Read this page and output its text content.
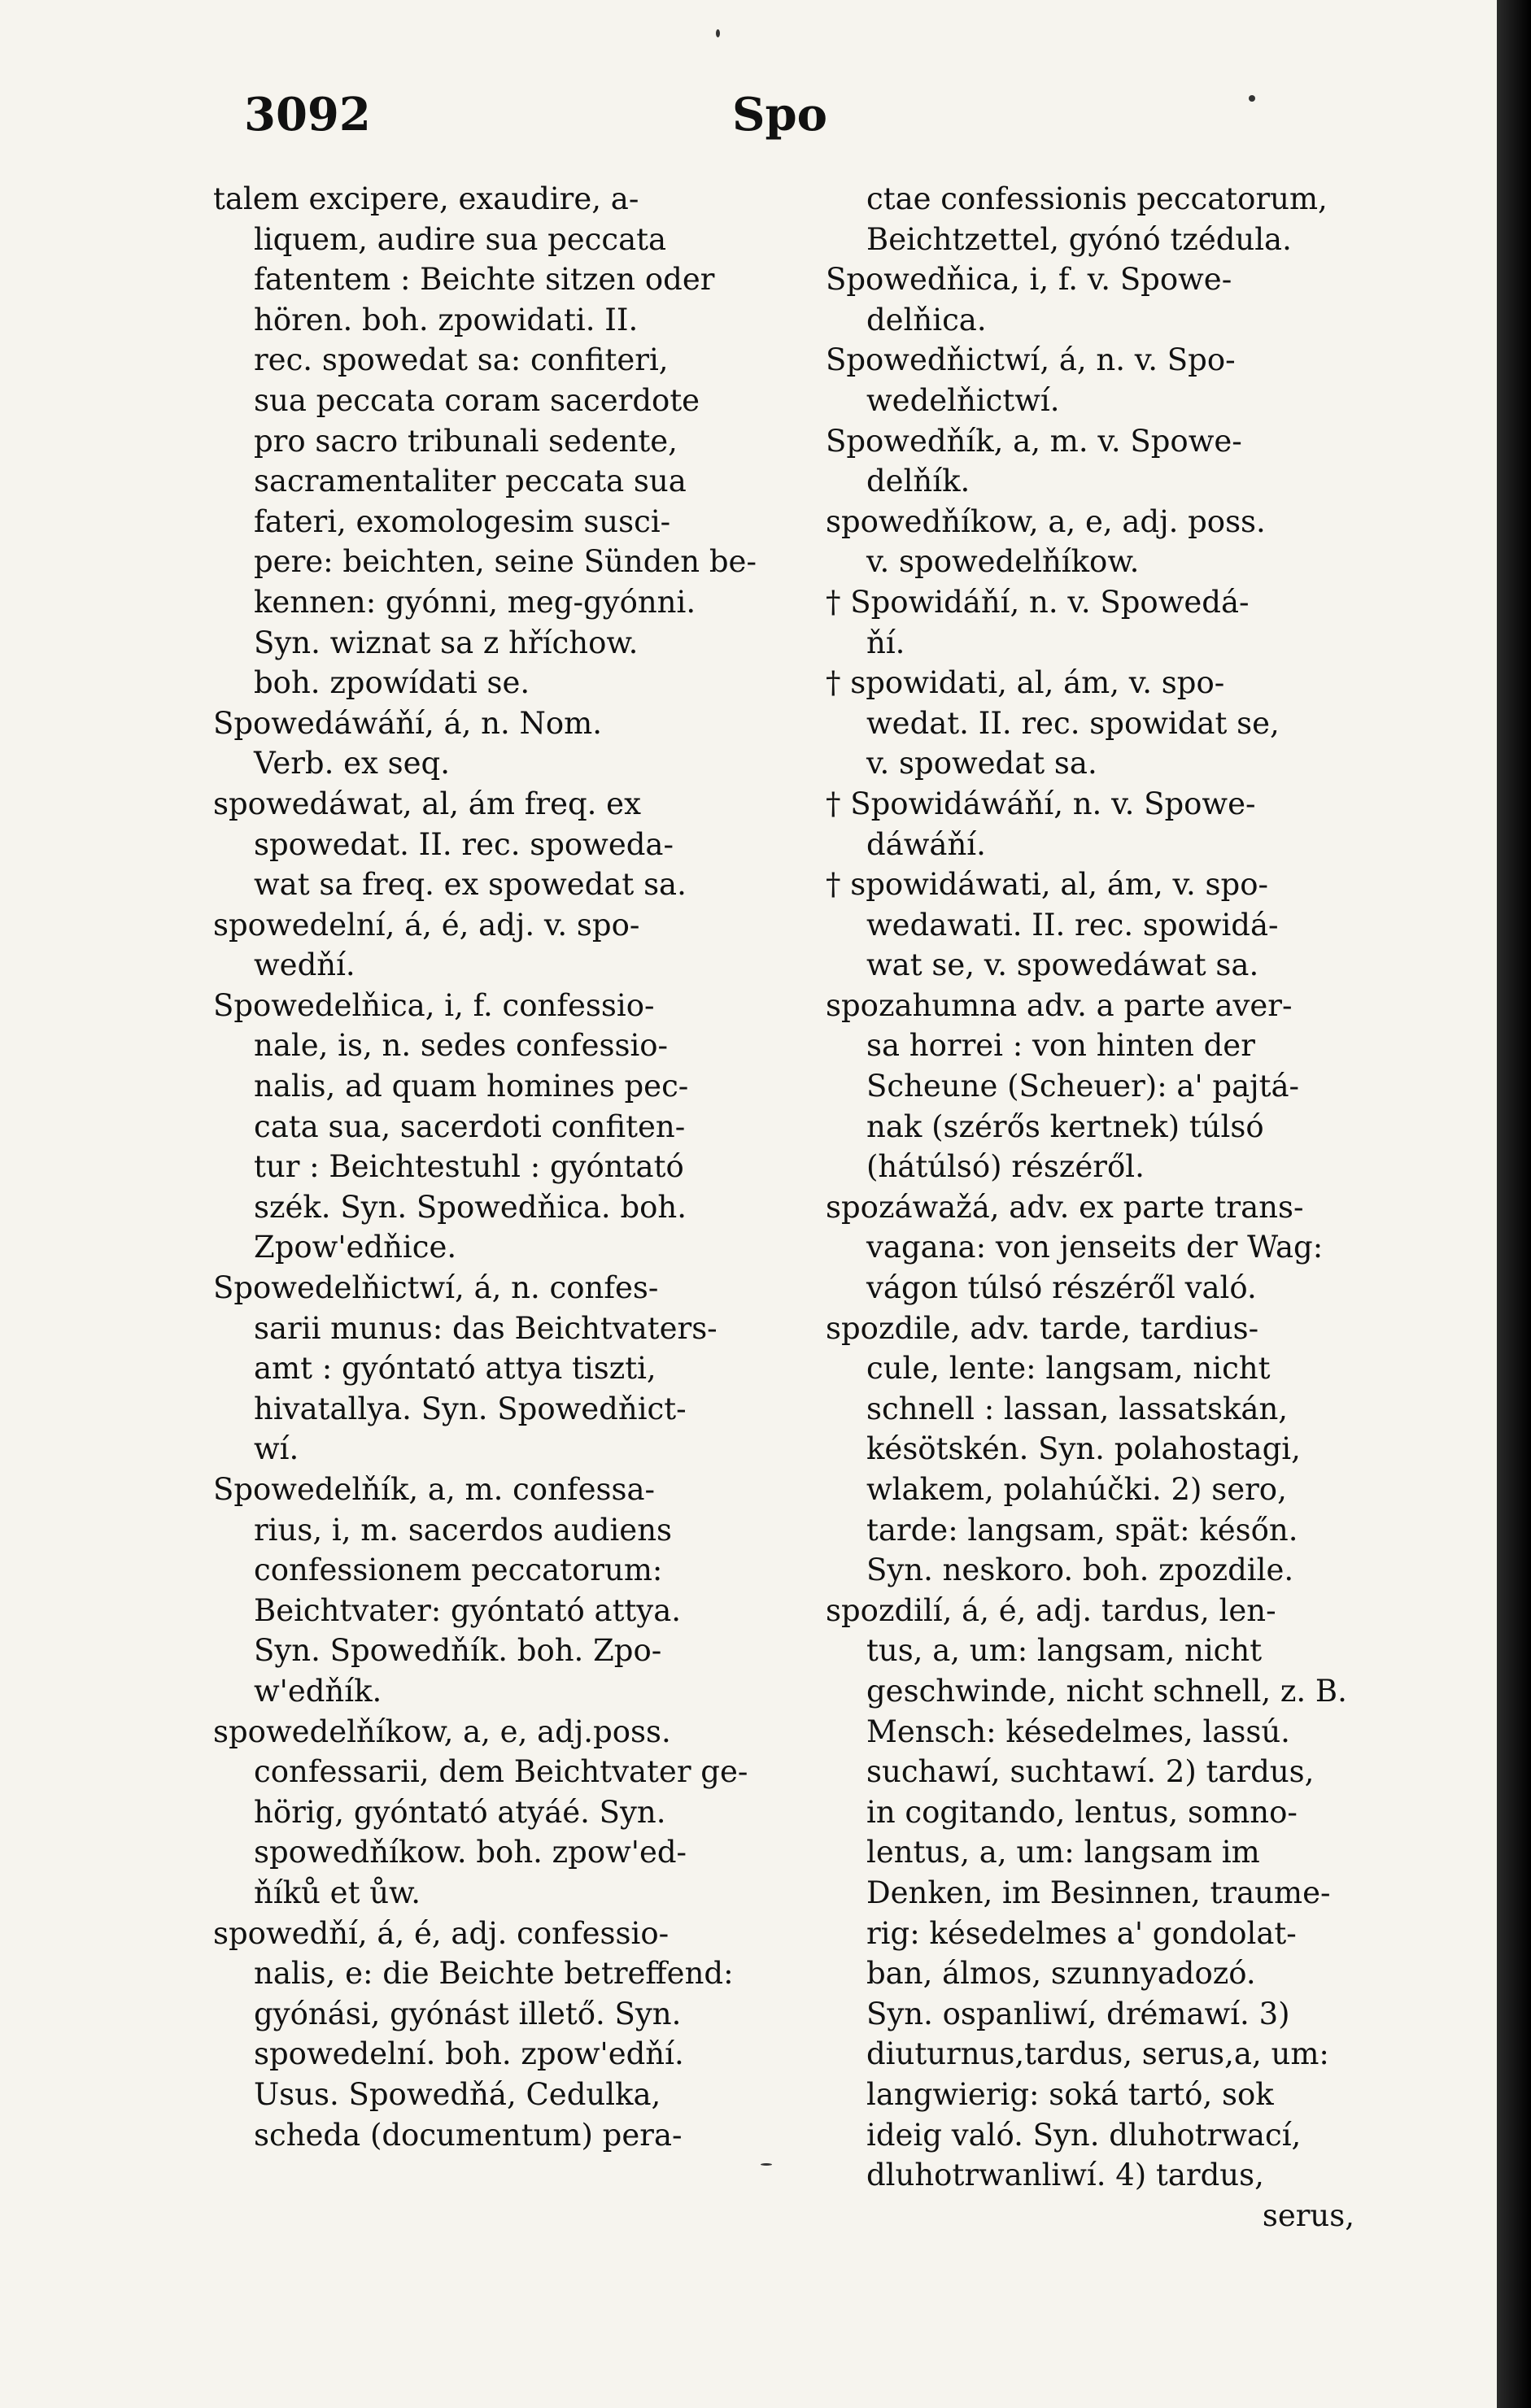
3092	Spo
talem excipere, exaudire, a-
liquem, audire sua peccata
fatentem : Beichte sitzen oder
hören. boh. zpowidati. II.
rec. spowedat sa: confiteri,
sua peccata coram sacerdote
pro sacro tribunali sedente,
sacramentaliter peccata sua
fateri, exomologesim susci-
pere: beichten, seine Sünden be-
kennen: gyónni, meg-gyónni.
Syn. wiznat sa z hříchow.
boh. zpowídati se.
Spowedáwáňí, á, n. Nom.
Verb. ex seq.
spowedáwat, al, ám freq. ex
spowedat. II. rec. spoweda-
wat sa freq. ex spowedat sa.
spowedelní, á, é, adj. v. spo-
wedňí.
Spowedelňica, i, f. confessio-
nale, is, n. sedes confessio-
nalis, ad quam homines pec-
cata sua, sacerdoti confiten-
tur : Beichtestuhl : gyóntató
szék. Syn. Spowedňica. boh.
Zpow'edňice.
Spowedelňictwí, á, n. confes-
sarii munus: das Beichtvaters-
amt : gyóntató attya tiszti,
hivatallya. Syn. Spowedňict-
wí.
Spowedelňík, a, m. confessa-
rius, i, m. sacerdos audiens
confessionem peccatorum:
Beichtvater: gyóntató attya.
Syn. Spowedňík. boh. Zpo-
w'edňík.
spowedelňíkow, a, e, adj.poss.
confessarii, dem Beichtvater ge-
hörig, gyóntató atyáé. Syn.
spowedňíkow. boh. zpow'ed-
ňíků et ůw.
spowedňí, á, é, adj. confessio-
nalis, e: die Beichte betreffend:
gyónási, gyónást illető. Syn.
spowedelní. boh. zpow'edňí.
Usus. Spowedňá, Cedulka,
scheda (documentum) pera-
ctae confessionis peccatorum,
Beichtzettel, gyónó tzédula.
Spowedňica, i, f. v. Spowe-
delňica.
Spowedňictwí, á, n. v. Spo-
wedelňictwí.
Spowedňík, a, m. v. Spowe-
delňík.
spowedňíkow, a, e, adj. poss.
v. spowedelňíkow.
† Spowidáňí, n. v. Spowedá-
ňí.
† spowidati, al, ám, v. spo-
wedat. II. rec. spowidat se,
v. spowedat sa.
† Spowidáwáňí, n. v. Spowe-
dáwáňí.
† spowidáwati, al, ám, v. spo-
wedawati. II. rec. spowidá-
wat se, v. spowedáwat sa.
spozahumna adv. a parte aver-
sa horrei : von hinten der
Scheune (Scheuer): a' pajtá-
nak (szérős kertnek) túlsó
(hátúlsó) részéről.
spozáwažá, adv. ex parte trans-
vagana: von jenseits der Wag:
vágon túlsó részéről való.
spozdile, adv. tarde, tardius-
cule, lente: langsam, nicht
schnell : lassan, lassatskán,
késötskén. Syn. polahostagi,
wlakem, polahúčki. 2) sero,
tarde: langsam, spät: későn.
Syn. neskoro. boh. zpozdile.
spozdilí, á, é, adj. tardus, len-
tus, a, um: langsam, nicht
geschwinde, nicht schnell, z. B.
Mensch: késedelmes, lassú.
suchawí, suchtawí. 2) tardus,
in cogitando, lentus, somno-
lentus, a, um: langsam im
Denken, im Besinnen, traume-
rig: késedelmes a' gondolat-
ban, álmos, szunnyadozó.
Syn. ospanliwí, drémawí. 3)
diuturnus,tardus, serus,a, um:
langwierig: soká tartó, sok
ideig való. Syn. dluhotrwací,
dluhotrwanliwí. 4) tardus,
serus,
